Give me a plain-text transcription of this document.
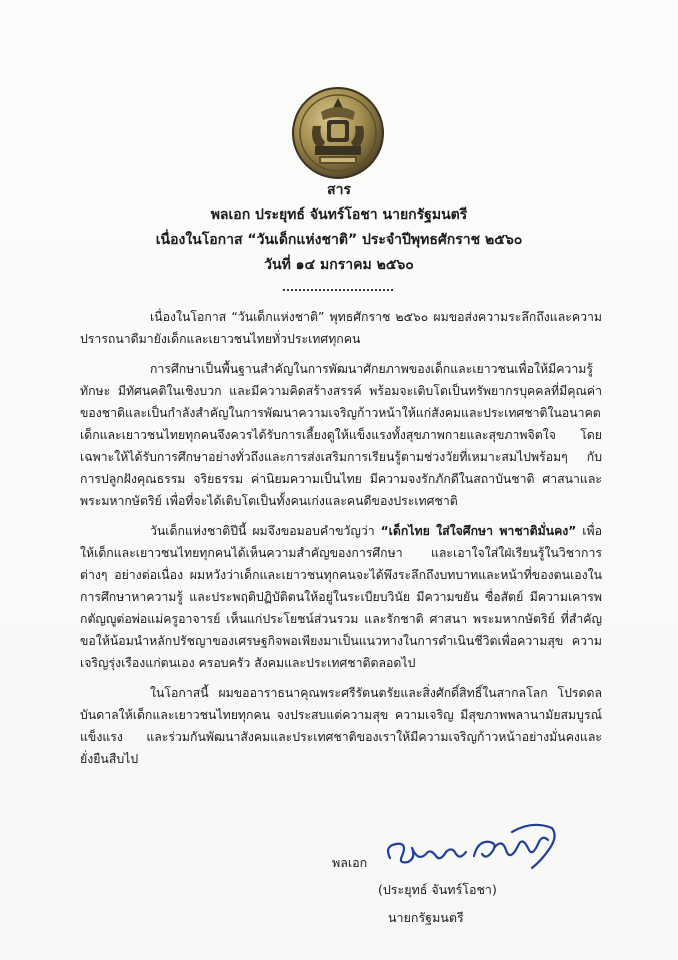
สาร
พลเอก ประยุทธ์ จันทร์โอชา นายกรัฐมนตรี
เนื่องในโอกาส “วันเด็กแห่งชาติ” ประจำปีพุทธศักราช ๒๕๖๐
วันที่ ๑๔ มกราคม ๒๕๖๐

เนื่องในโอกาส “วันเด็กแห่งชาติ” พุทธศักราช ๒๕๖๐ ผมขอส่งความระลึกถึงและความปรารถนาดีมายังเด็กและเยาวชนไทยทั่วประเทศทุกคน

การศึกษาเป็นพื้นฐานสำคัญในการพัฒนาศักยภาพของเด็กและเยาวชนเพื่อให้มีความรู้ ทักษะ มีทัศนคติในเชิงบวก และมีความคิดสร้างสรรค์ พร้อมจะเติบโตเป็นทรัพยากรบุคคลที่มีคุณค่าของชาติและเป็นกำลังสำคัญในการพัฒนาความเจริญก้าวหน้าให้แก่สังคมและประเทศชาติในอนาคต เด็กและเยาวชนไทยทุกคนจึงควรได้รับการเลี้ยงดูให้แข็งแรงทั้งสุขภาพกายและสุขภาพจิตใจ โดยเฉพาะให้ได้รับการศึกษาอย่างทั่วถึงและการส่งเสริมการเรียนรู้ตามช่วงวัยที่เหมาะสมไปพร้อมๆ กับการปลูกฝังคุณธรรม จริยธรรม ค่านิยมความเป็นไทย มีความจงรักภักดีในสถาบันชาติ ศาสนาและพระมหากษัตริย์ เพื่อที่จะได้เติบโตเป็นทั้งคนเก่งและคนดีของประเทศชาติ

วันเด็กแห่งชาติปีนี้ ผมจึงขอมอบคำขวัญว่า “เด็กไทย ใส่ใจศึกษา พาชาติมั่นคง” เพื่อให้เด็กและเยาวชนไทยทุกคนได้เห็นความสำคัญของการศึกษา และเอาใจใส่ใฝ่เรียนรู้ในวิชาการต่างๆ อย่างต่อเนื่อง ผมหวังว่าเด็กและเยาวชนทุกคนจะได้พึงระลึกถึงบทบาทและหน้าที่ของตนเองในการศึกษาหาความรู้ และประพฤติปฏิบัติตนให้อยู่ในระเบียบวินัย มีความขยัน ซื่อสัตย์ มีความเคารพ กตัญญูต่อพ่อแม่ครูอาจารย์ เห็นแก่ประโยชน์ส่วนรวม และรักชาติ ศาสนา พระมหากษัตริย์ ที่สำคัญขอให้น้อมนำหลักปรัชญาของเศรษฐกิจพอเพียงมาเป็นแนวทางในการดำเนินชีวิตเพื่อความสุข ความเจริญรุ่งเรืองแก่ตนเอง ครอบครัว สังคมและประเทศชาติตลอดไป

ในโอกาสนี้ ผมขออาราธนาคุณพระศรีรัตนตรัยและสิ่งศักดิ์สิทธิ์ในสากลโลก โปรดดลบันดาลให้เด็กและเยาวชนไทยทุกคน จงประสบแต่ความสุข ความเจริญ มีสุขภาพพลานามัยสมบูรณ์แข็งแรง และร่วมกันพัฒนาสังคมและประเทศชาติของเราให้มีความเจริญก้าวหน้าอย่างมั่นคงและยั่งยืนสืบไป

พลเอก
(ประยุทธ์ จันทร์โอชา)
นายกรัฐมนตรี
